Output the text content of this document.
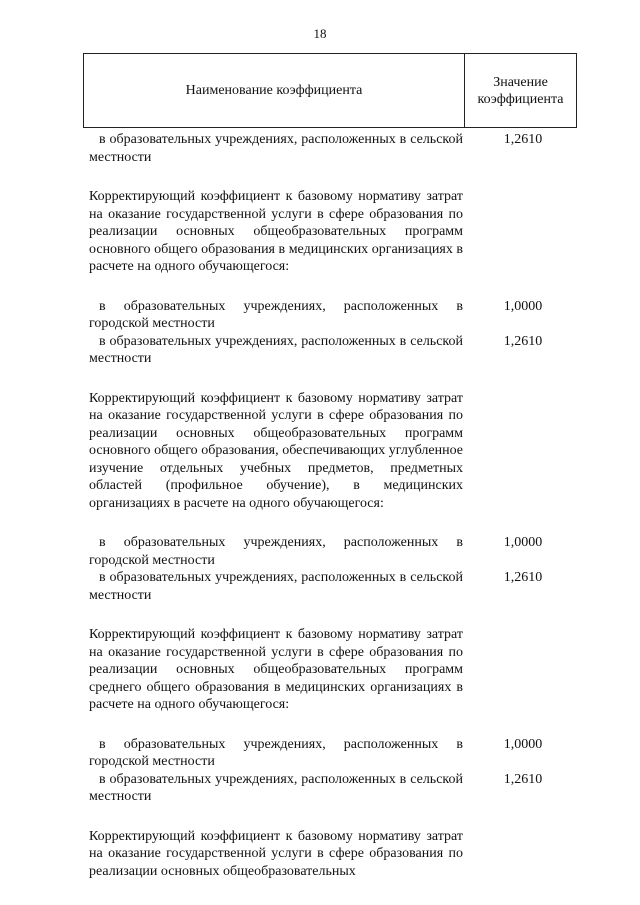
18
Наименование коэффициента
Значение коэффициента
в образовательных учреждениях, расположенных в сельской местности
1,2610
Корректирующий коэффициент к базовому нормативу затрат на оказание государственной услуги в сфере образования по реализации основных общеобразовательных программ основного общего образования в медицинских организациях в расчете на одного обучающегося:
в образовательных учреждениях, расположенных в городской местности
1,0000
в образовательных учреждениях, расположенных в сельской местности
1,2610
Корректирующий коэффициент к базовому нормативу затрат на оказание государственной услуги в сфере образования по реализации основных общеобразовательных программ основного общего образования, обеспечивающих углубленное изучение отдельных учебных предметов, предметных областей (профильное обучение), в медицинских организациях в расчете на одного обучающегося:
в образовательных учреждениях, расположенных в городской местности
1,0000
в образовательных учреждениях, расположенных в сельской местности
1,2610
Корректирующий коэффициент к базовому нормативу затрат на оказание государственной услуги в сфере образования по реализации основных общеобразовательных программ среднего общего образования в медицинских организациях в расчете на одного обучающегося:
в образовательных учреждениях, расположенных в городской местности
1,0000
в образовательных учреждениях, расположенных в сельской местности
1,2610
Корректирующий коэффициент к базовому нормативу затрат на оказание государственной услуги в сфере образования по реализации основных общеобразовательных
